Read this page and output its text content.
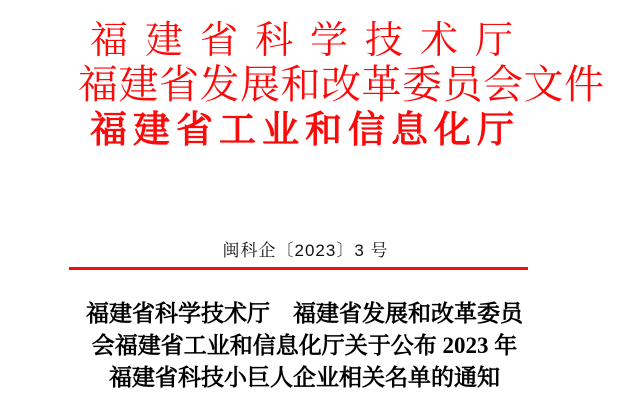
福建省科学技术厅
福建省发展和改革委员会文件
福建省工业和信息化厅
闽科企〔2023〕3 号
福建省科学技术厅　福建省发展和改革委员
会福建省工业和信息化厅关于公布 2023 年
福建省科技小巨人企业相关名单的通知
